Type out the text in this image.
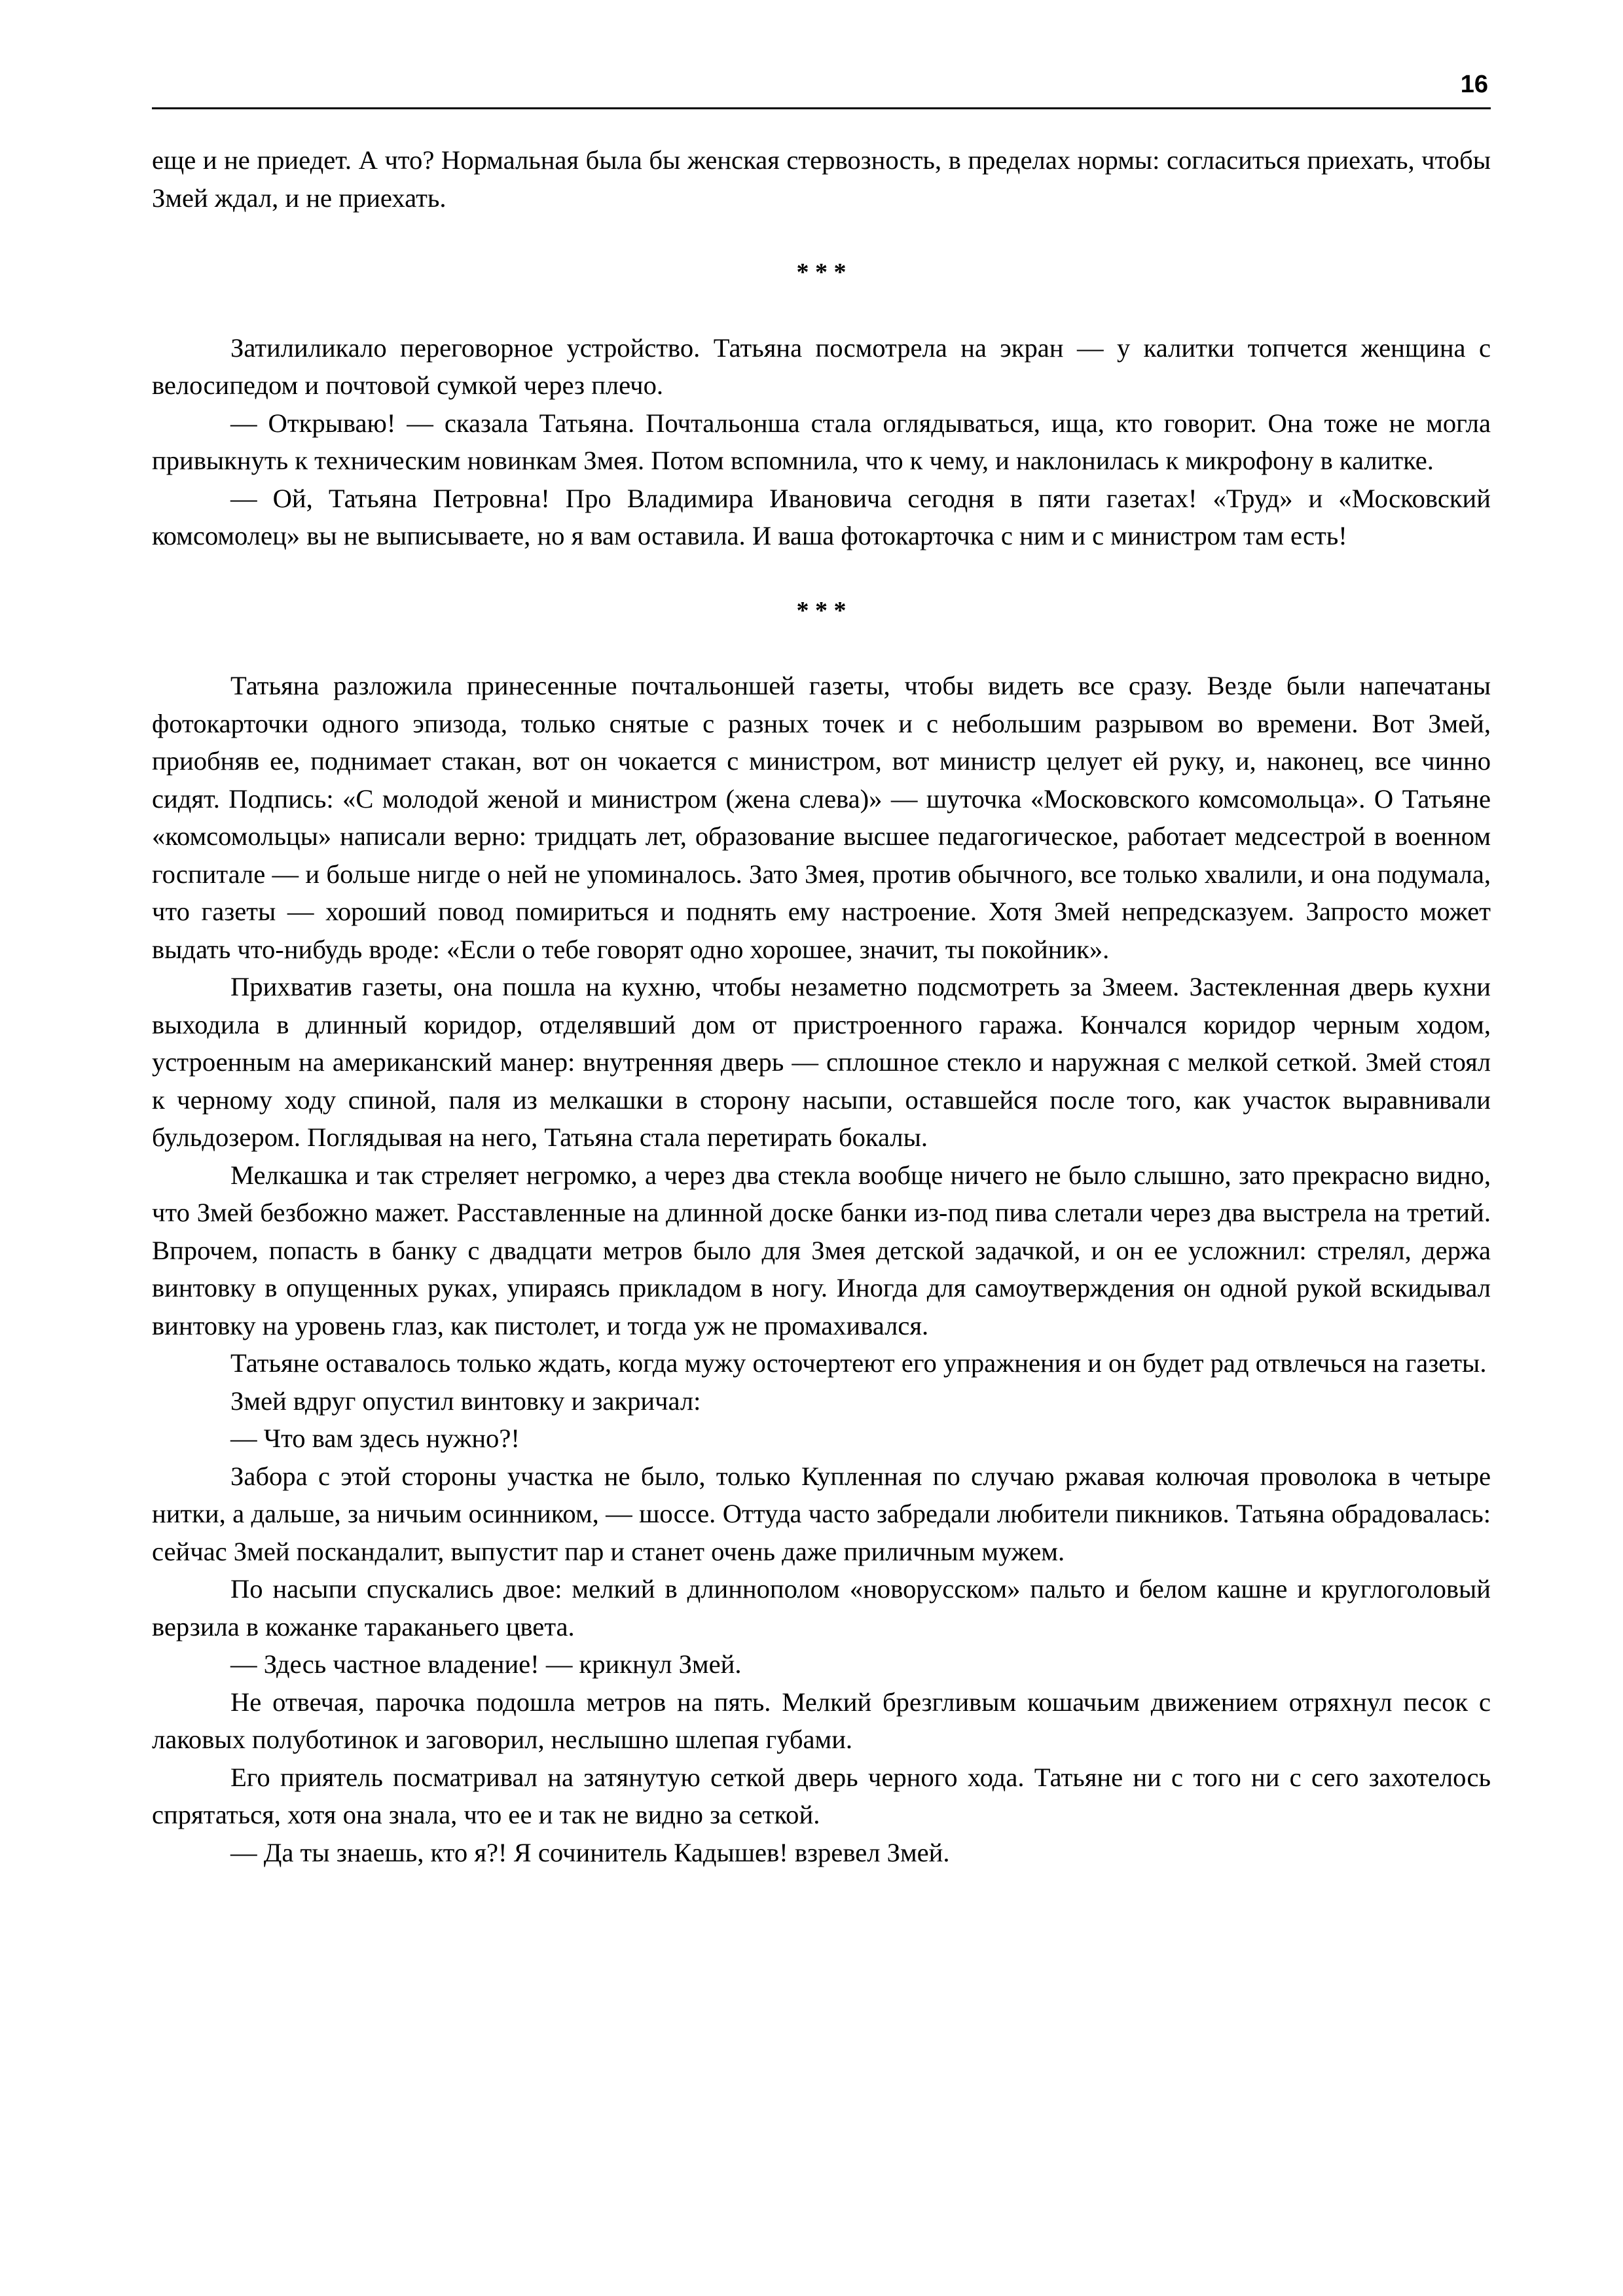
16

еще и не приедет. А что? Нормальная была бы женская стервозность, в пределах нормы: согласиться приехать, чтобы Змей ждал, и не приехать.

* * *

Затилиликало переговорное устройство. Татьяна посмотрела на экран — у калитки топчется женщина с велосипедом и почтовой сумкой через плечо.

— Открываю! — сказала Татьяна. Почтальонша стала оглядываться, ища, кто говорит. Она тоже не могла привыкнуть к техническим новинкам Змея. Потом вспомнила, что к чему, и наклонилась к микрофону в калитке.

— Ой, Татьяна Петровна! Про Владимира Ивановича сегодня в пяти газетах! «Труд» и «Московский комсомолец» вы не выписываете, но я вам оставила. И ваша фотокарточка с ним и с министром там есть!

* * *

Татьяна разложила принесенные почтальоншей газеты, чтобы видеть все сразу. Везде были напечатаны фотокарточки одного эпизода, только снятые с разных точек и с небольшим разрывом во времени. Вот Змей, приобняв ее, поднимает стакан, вот он чокается с министром, вот министр целует ей руку, и, наконец, все чинно сидят. Подпись: «С молодой женой и министром (жена слева)» — шуточка «Московского комсомольца». О Татьяне «комсомольцы» написали верно: тридцать лет, образование высшее педагогическое, работает медсестрой в военном госпитале — и больше нигде о ней не упоминалось. Зато Змея, против обычного, все только хвалили, и она подумала, что газеты — хороший повод помириться и поднять ему настроение. Хотя Змей непредсказуем. Запросто может выдать что-нибудь вроде: «Если о тебе говорят одно хорошее, значит, ты покойник».

Прихватив газеты, она пошла на кухню, чтобы незаметно подсмотреть за Змеем. Застекленная дверь кухни выходила в длинный коридор, отделявший дом от пристроенного гаража. Кончался коридор черным ходом, устроенным на американский манер: внутренняя дверь — сплошное стекло и наружная с мелкой сеткой. Змей стоял к черному ходу спиной, паля из мелкашки в сторону насыпи, оставшейся после того, как участок выравнивали бульдозером. Поглядывая на него, Татьяна стала перетирать бокалы.

Мелкашка и так стреляет негромко, а через два стекла вообще ничего не было слышно, зато прекрасно видно, что Змей безбожно мажет. Расставленные на длинной доске банки из-под пива слетали через два выстрела на третий. Впрочем, попасть в банку с двадцати метров было для Змея детской задачкой, и он ее усложнил: стрелял, держа винтовку в опущенных руках, упираясь прикладом в ногу. Иногда для самоутверждения он одной рукой вскидывал винтовку на уровень глаз, как пистолет, и тогда уж не промахивался.

Татьяне оставалось только ждать, когда мужу осточертеют его упражнения и он будет рад отвлечься на газеты.

Змей вдруг опустил винтовку и закричал:

— Что вам здесь нужно?!

Забора с этой стороны участка не было, только Купленная по случаю ржавая колючая проволока в четыре нитки, а дальше, за ничьим осинником, — шоссе. Оттуда часто забредали любители пикников. Татьяна обрадовалась: сейчас Змей поскандалит, выпустит пар и станет очень даже приличным мужем.

По насыпи спускались двое: мелкий в длиннополом «новорусском» пальто и белом кашне и круглоголовый верзила в кожанке тараканьего цвета.

— Здесь частное владение! — крикнул Змей.

Не отвечая, парочка подошла метров на пять. Мелкий брезгливым кошачьим движением отряхнул песок с лаковых полуботинок и заговорил, неслышно шлепая губами.

Его приятель посматривал на затянутую сеткой дверь черного хода. Татьяне ни с того ни с сего захотелось спрятаться, хотя она знала, что ее и так не видно за сеткой.

— Да ты знаешь, кто я?! Я сочинитель Кадышев! взревел Змей.
